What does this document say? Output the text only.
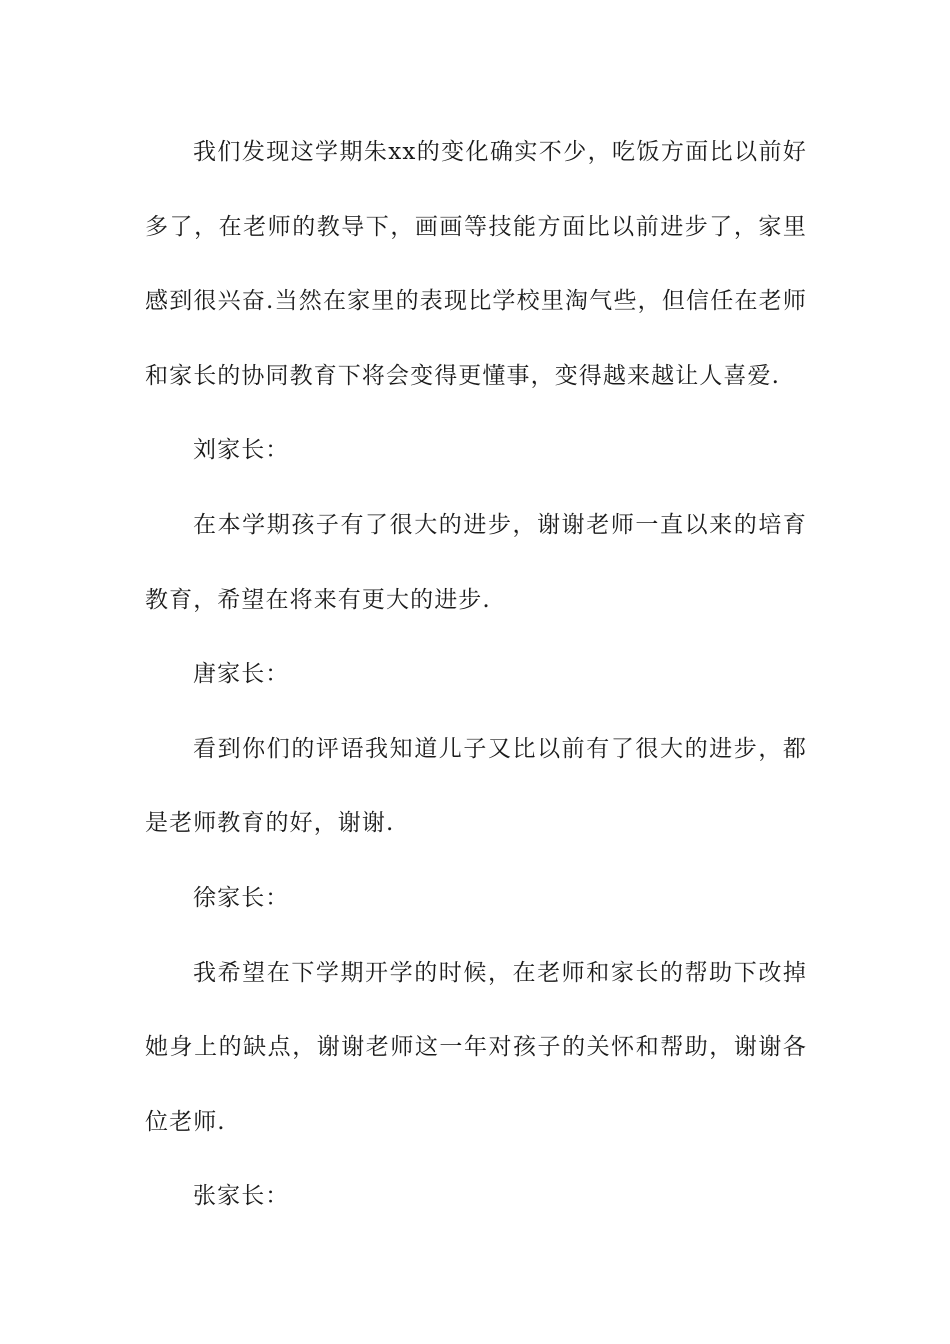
我们发现这学期朱xx的变化确实不少，吃饭方面比以前好多了，在老师的教导下，画画等技能方面比以前进步了，家里感到很兴奋.当然在家里的表现比学校里淘气些，但信任在老师和家长的协同教育下将会变得更懂事，变得越来越让人喜爱.

刘家长：

在本学期孩子有了很大的进步，谢谢老师一直以来的培育教育，希望在将来有更大的进步.

唐家长：

看到你们的评语我知道儿子又比以前有了很大的进步，都是老师教育的好，谢谢.

徐家长：

我希望在下学期开学的时候，在老师和家长的帮助下改掉她身上的缺点，谢谢老师这一年对孩子的关怀和帮助，谢谢各位老师.

张家长：
